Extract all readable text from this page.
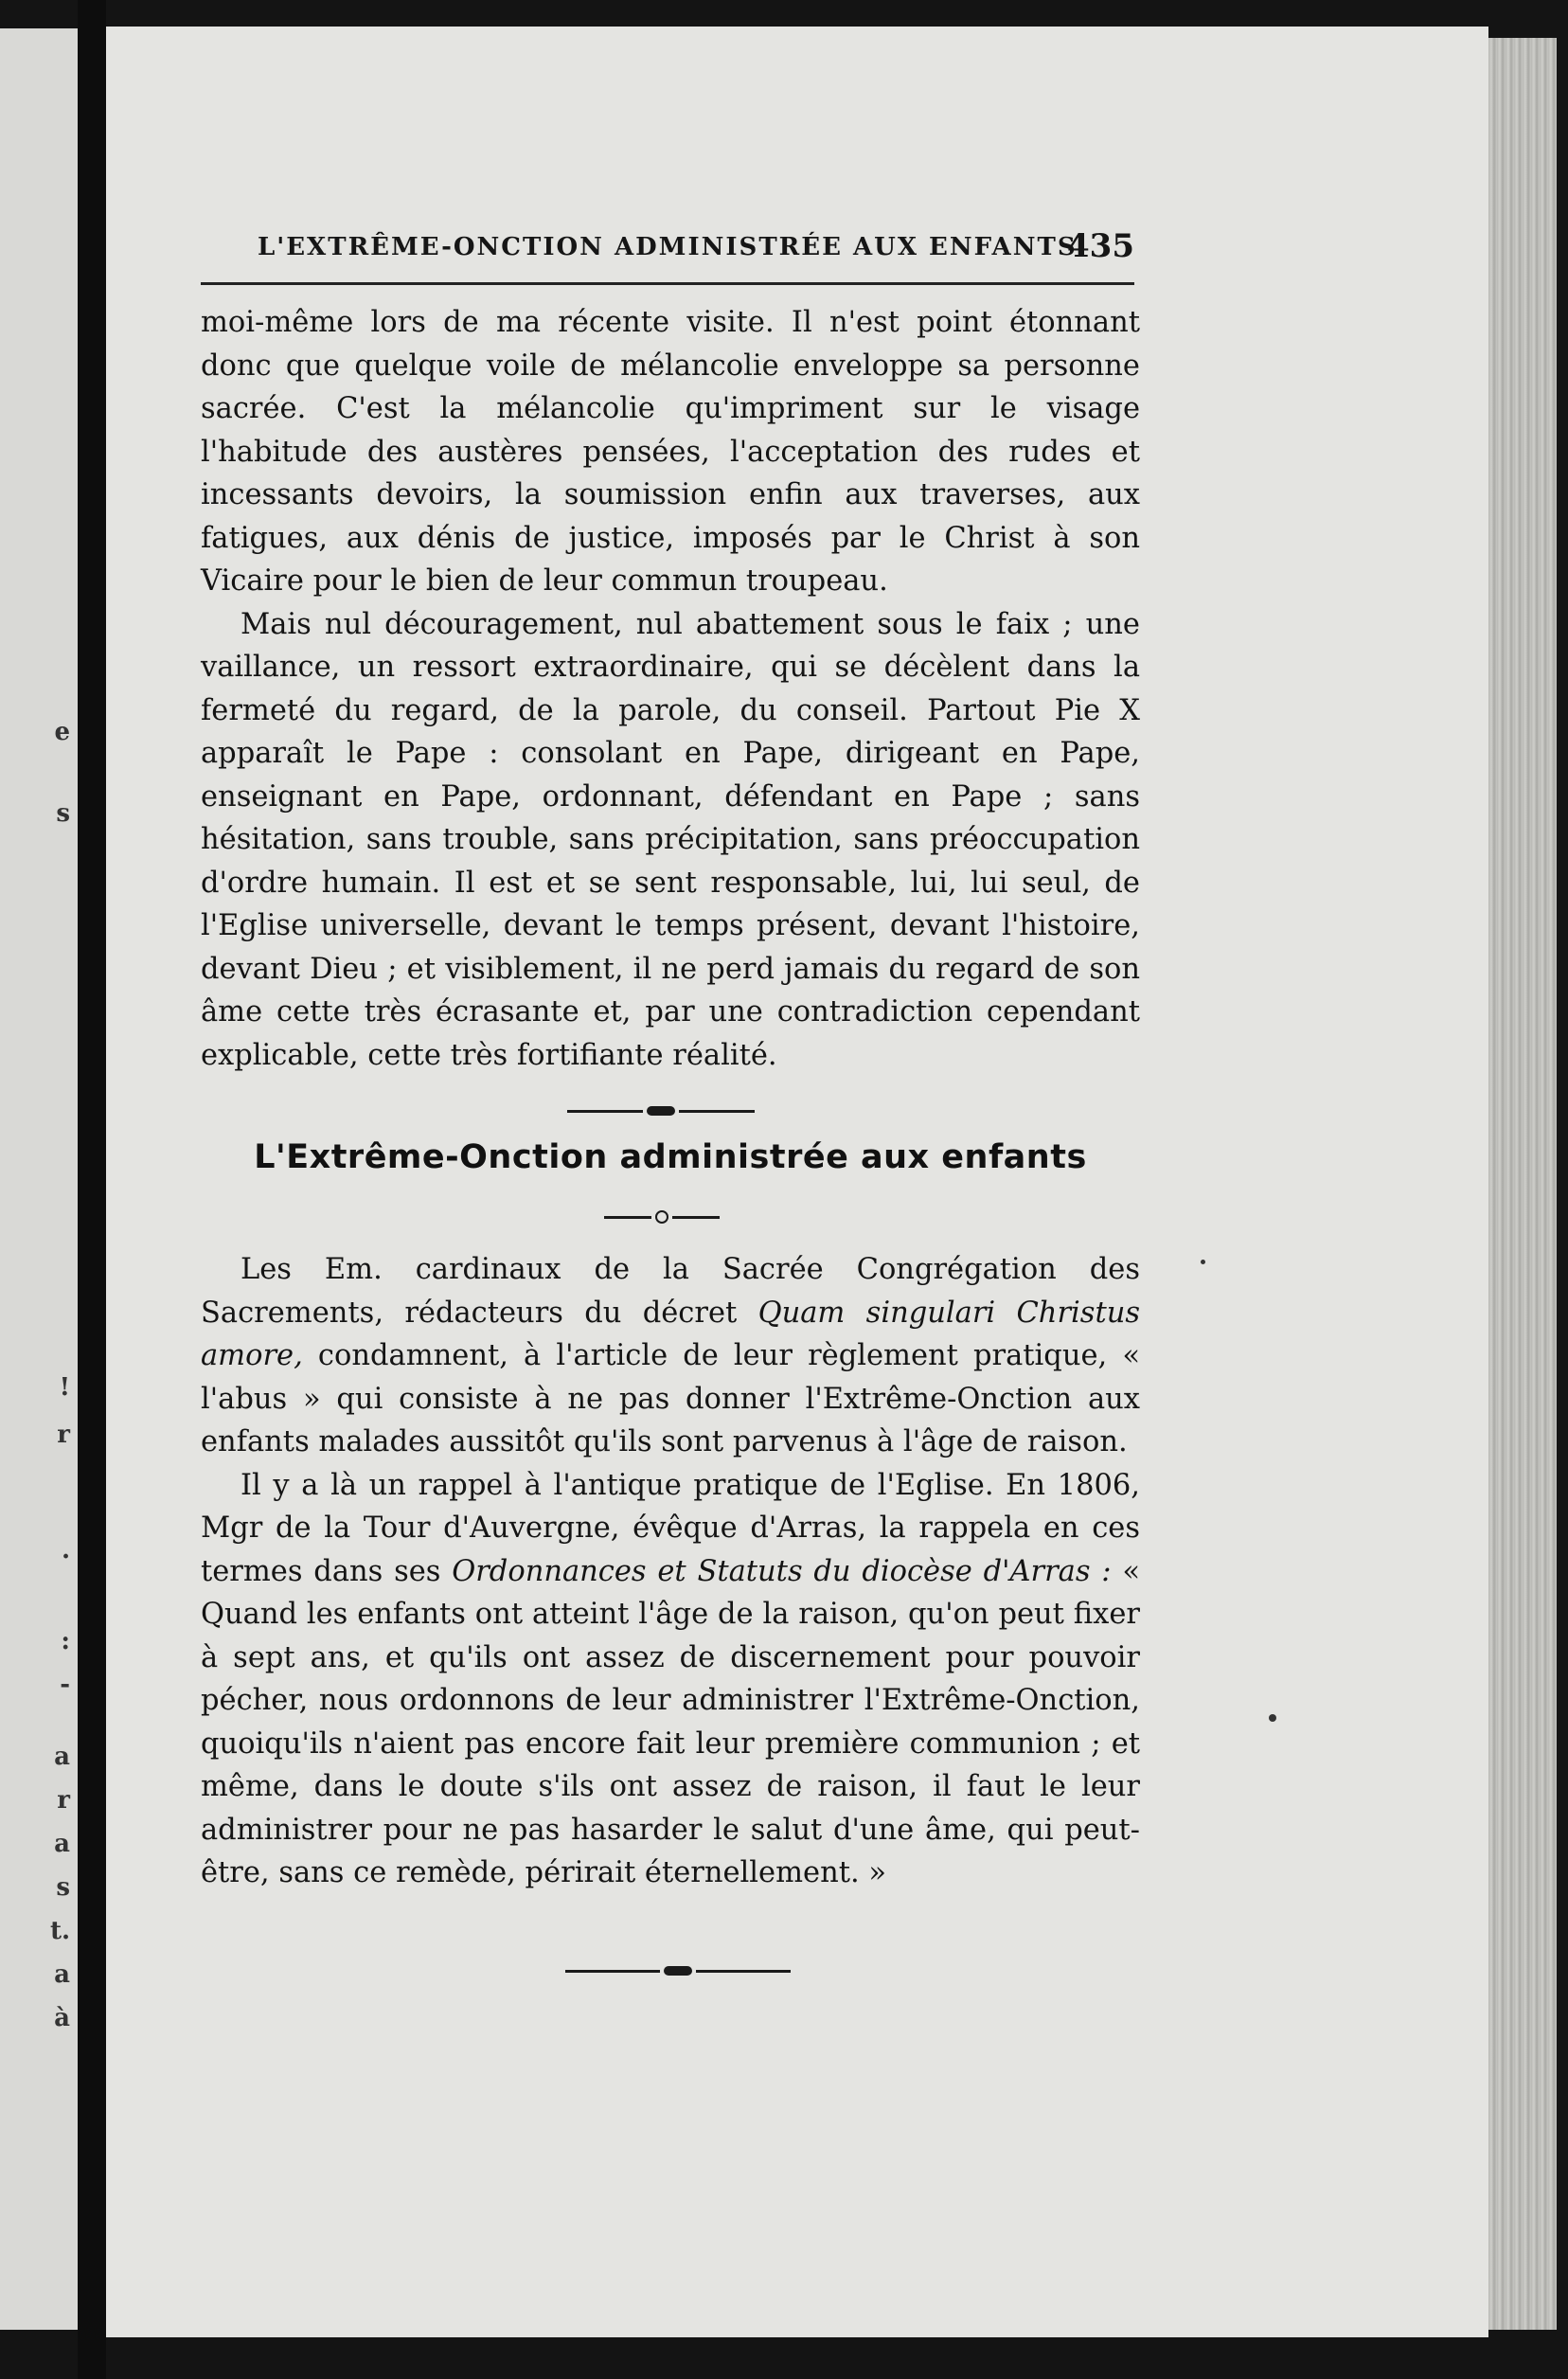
e
s
!
r
.
:
-
a
r
a
s
t.
a
à
L'EXTRÊME-ONCTION ADMINISTRÉE AUX ENFANTS
435

moi-même lors de ma récente visite. Il n'est point étonnant donc que quelque voile de mélancolie enveloppe sa personne sacrée. C'est la mélancolie qu'impriment sur le visage l'habitude des austères pensées, l'acceptation des rudes et incessants devoirs, la soumission enfin aux traverses, aux fatigues, aux dénis de justice, imposés par le Christ à son Vicaire pour le bien de leur commun troupeau.

Mais nul découragement, nul abattement sous le faix ; une vaillance, un ressort extraordinaire, qui se décèlent dans la fermeté du regard, de la parole, du conseil. Partout Pie X apparaît le Pape : consolant en Pape, dirigeant en Pape, enseignant en Pape, ordonnant, défendant en Pape ; sans hésitation, sans trouble, sans précipitation, sans préoccupation d'ordre humain. Il est et se sent responsable, lui, lui seul, de l'Eglise universelle, devant le temps présent, devant l'histoire, devant Dieu ; et visiblement, il ne perd jamais du regard de son âme cette très écrasante et, par une contradiction cependant explicable, cette très fortifiante réalité.

L'Extrême-Onction administrée aux enfants

Les Em. cardinaux de la Sacrée Congrégation des Sacrements, rédacteurs du décret Quam singulari Christus amore, condamnent, à l'article de leur règlement pratique, « l'abus » qui consiste à ne pas donner l'Extrême-Onction aux enfants malades aussitôt qu'ils sont parvenus à l'âge de raison.

Il y a là un rappel à l'antique pratique de l'Eglise. En 1806, Mgr de la Tour d'Auvergne, évêque d'Arras, la rappela en ces termes dans ses Ordonnances et Statuts du diocèse d'Arras : « Quand les enfants ont atteint l'âge de la raison, qu'on peut fixer à sept ans, et qu'ils ont assez de discernement pour pouvoir pécher, nous ordonnons de leur administrer l'Extrême-Onction, quoiqu'ils n'aient pas encore fait leur première communion ; et même, dans le doute s'ils ont assez de raison, il faut le leur administrer pour ne pas hasarder le salut d'une âme, qui peut-être, sans ce remède, périrait éternellement. »
